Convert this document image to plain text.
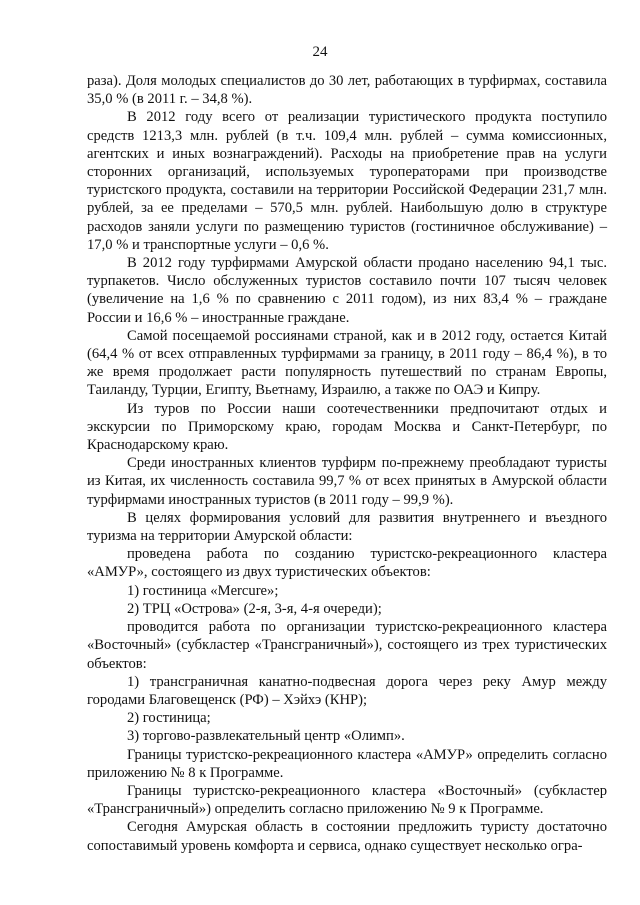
24

раза). Доля молодых специалистов до 30 лет, работающих в турфирмах, составила 35,0 % (в 2011 г. – 34,8 %).

В 2012 году всего от реализации туристического продукта поступило средств 1213,3 млн. рублей (в т.ч. 109,4 млн. рублей – сумма комиссионных, агентских и иных вознаграждений). Расходы на приобретение прав на услуги сторонних организаций, используемых туроператорами при производстве туристского продукта, составили на территории Российской Федерации 231,7 млн. рублей, за ее пределами – 570,5 млн. рублей. Наибольшую долю в структуре расходов заняли услуги по размещению туристов (гостиничное обслуживание) – 17,0 % и транспортные услуги – 0,6 %.

В 2012 году турфирмами Амурской области продано населению 94,1 тыс. турпакетов. Число обслуженных туристов составило почти 107 тысяч человек (увеличение на 1,6 % по сравнению с 2011 годом), из них 83,4 % – граждане России и 16,6 % – иностранные граждане.

Самой посещаемой россиянами страной, как и в 2012 году, остается Китай (64,4 % от всех отправленных турфирмами за границу, в 2011 году – 86,4 %), в то же время продолжает расти популярность путешествий по странам Европы, Таиланду, Турции, Египту, Вьетнаму, Израилю, а также по ОАЭ и Кипру.

Из туров по России наши соотечественники предпочитают отдых и экскурсии по Приморскому краю, городам Москва и Санкт-Петербург, по Краснодарскому краю.

Среди иностранных клиентов турфирм по-прежнему преобладают туристы из Китая, их численность составила 99,7 % от всех принятых в Амурской области турфирмами иностранных туристов (в 2011 году – 99,9 %).

В целях формирования условий для развития внутреннего и въездного туризма на территории Амурской области:

проведена работа по созданию туристско-рекреационного кластера «АМУР», состоящего из двух туристических объектов:

1) гостиница «Mercure»;

2) ТРЦ «Острова» (2-я, 3-я, 4-я очереди);

проводится работа по организации туристско-рекреационного кластера «Восточный» (субкластер «Трансграничный»), состоящего из трех туристических объектов:

1) трансграничная канатно-подвесная дорога через реку Амур между городами Благовещенск (РФ) – Хэйхэ (КНР);

2) гостиница;

3) торгово-развлекательный центр «Олимп».

Границы туристско-рекреационного кластера «АМУР» определить согласно приложению № 8 к Программе.

Границы туристско-рекреационного кластера «Восточный» (субкластер «Трансграничный») определить согласно приложению № 9 к Программе.

Сегодня Амурская область в состоянии предложить туристу достаточно сопоставимый уровень комфорта и сервиса, однако существует несколько огра-
